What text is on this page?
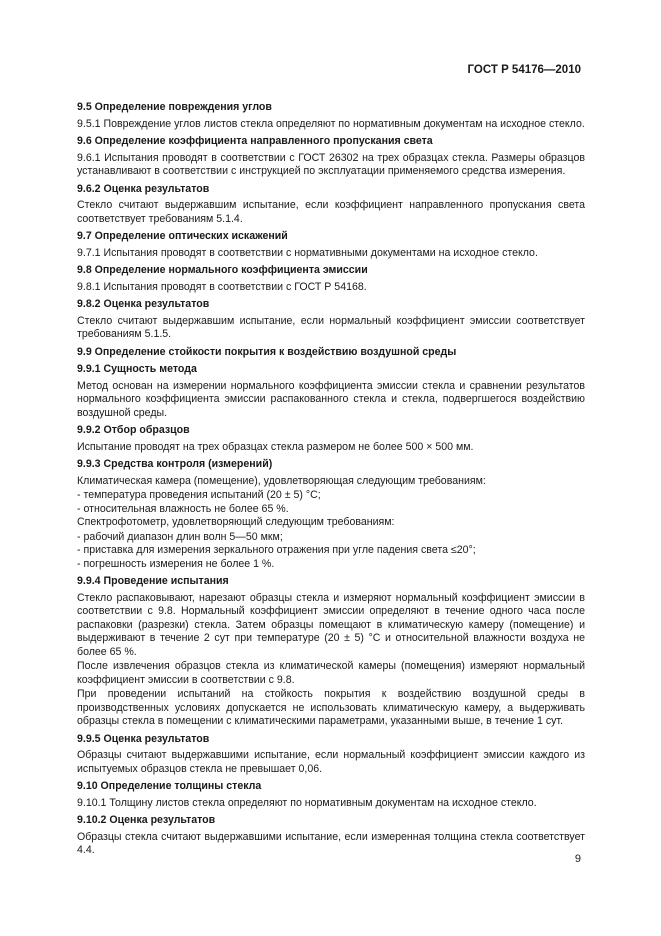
ГОСТ Р 54176—2010
9.5 Определение повреждения углов
9.5.1 Повреждение углов листов стекла определяют по нормативным документам на исходное стекло.
9.6 Определение коэффициента направленного пропускания света
9.6.1 Испытания проводят в соответствии с ГОСТ 26302 на трех образцах стекла. Размеры образцов устанавливают в соответствии с инструкцией по эксплуатации применяемого средства измерения.
9.6.2 Оценка результатов
Стекло считают выдержавшим испытание, если коэффициент направленного пропускания света соответствует требованиям 5.1.4.
9.7 Определение оптических искажений
9.7.1 Испытания проводят в соответствии с нормативными документами на исходное стекло.
9.8 Определение нормального коэффициента эмиссии
9.8.1 Испытания проводят в соответствии с ГОСТ Р 54168.
9.8.2 Оценка результатов
Стекло считают выдержавшим испытание, если нормальный коэффициент эмиссии соответствует требованиям 5.1.5.
9.9 Определение стойкости покрытия к воздействию воздушной среды
9.9.1 Сущность метода
Метод основан на измерении нормального коэффициента эмиссии стекла и сравнении результатов нормального коэффициента эмиссии распакованного стекла и стекла, подвергшегося воздействию воздушной среды.
9.9.2 Отбор образцов
Испытание проводят на трех образцах стекла размером не более 500 × 500 мм.
9.9.3 Средства контроля (измерений)
Климатическая камера (помещение), удовлетворяющая следующим требованиям:
- температура проведения испытаний (20 ± 5) °С;
- относительная влажность не более 65 %.
Спектрофотометр, удовлетворяющий следующим требованиям:
- рабочий диапазон длин волн 5—50 мкм;
- приставка для измерения зеркального отражения при угле падения света ≤20°;
- погрешность измерения не более 1 %.
9.9.4 Проведение испытания
Стекло распаковывают, нарезают образцы стекла и измеряют нормальный коэффициент эмиссии в соответствии с 9.8. Нормальный коэффициент эмиссии определяют в течение одного часа после распаковки (разрезки) стекла. Затем образцы помещают в климатическую камеру (помещение) и выдерживают в течение 2 сут при температуре (20 ± 5) °С и относительной влажности воздуха не более 65 %.
После извлечения образцов стекла из климатической камеры (помещения) измеряют нормальный коэффициент эмиссии в соответствии с 9.8.
При проведении испытаний на стойкость покрытия к воздействию воздушной среды в производственных условиях допускается не использовать климатическую камеру, а выдерживать образцы стекла в помещении с климатическими параметрами, указанными выше, в течение 1 сут.
9.9.5 Оценка результатов
Образцы считают выдержавшими испытание, если нормальный коэффициент эмиссии каждого из испытуемых образцов стекла не превышает 0,06.
9.10 Определение толщины стекла
9.10.1 Толщину листов стекла определяют по нормативным документам на исходное стекло.
9.10.2 Оценка результатов
Образцы стекла считают выдержавшими испытание, если измеренная толщина стекла соответствует 4.4.
9
